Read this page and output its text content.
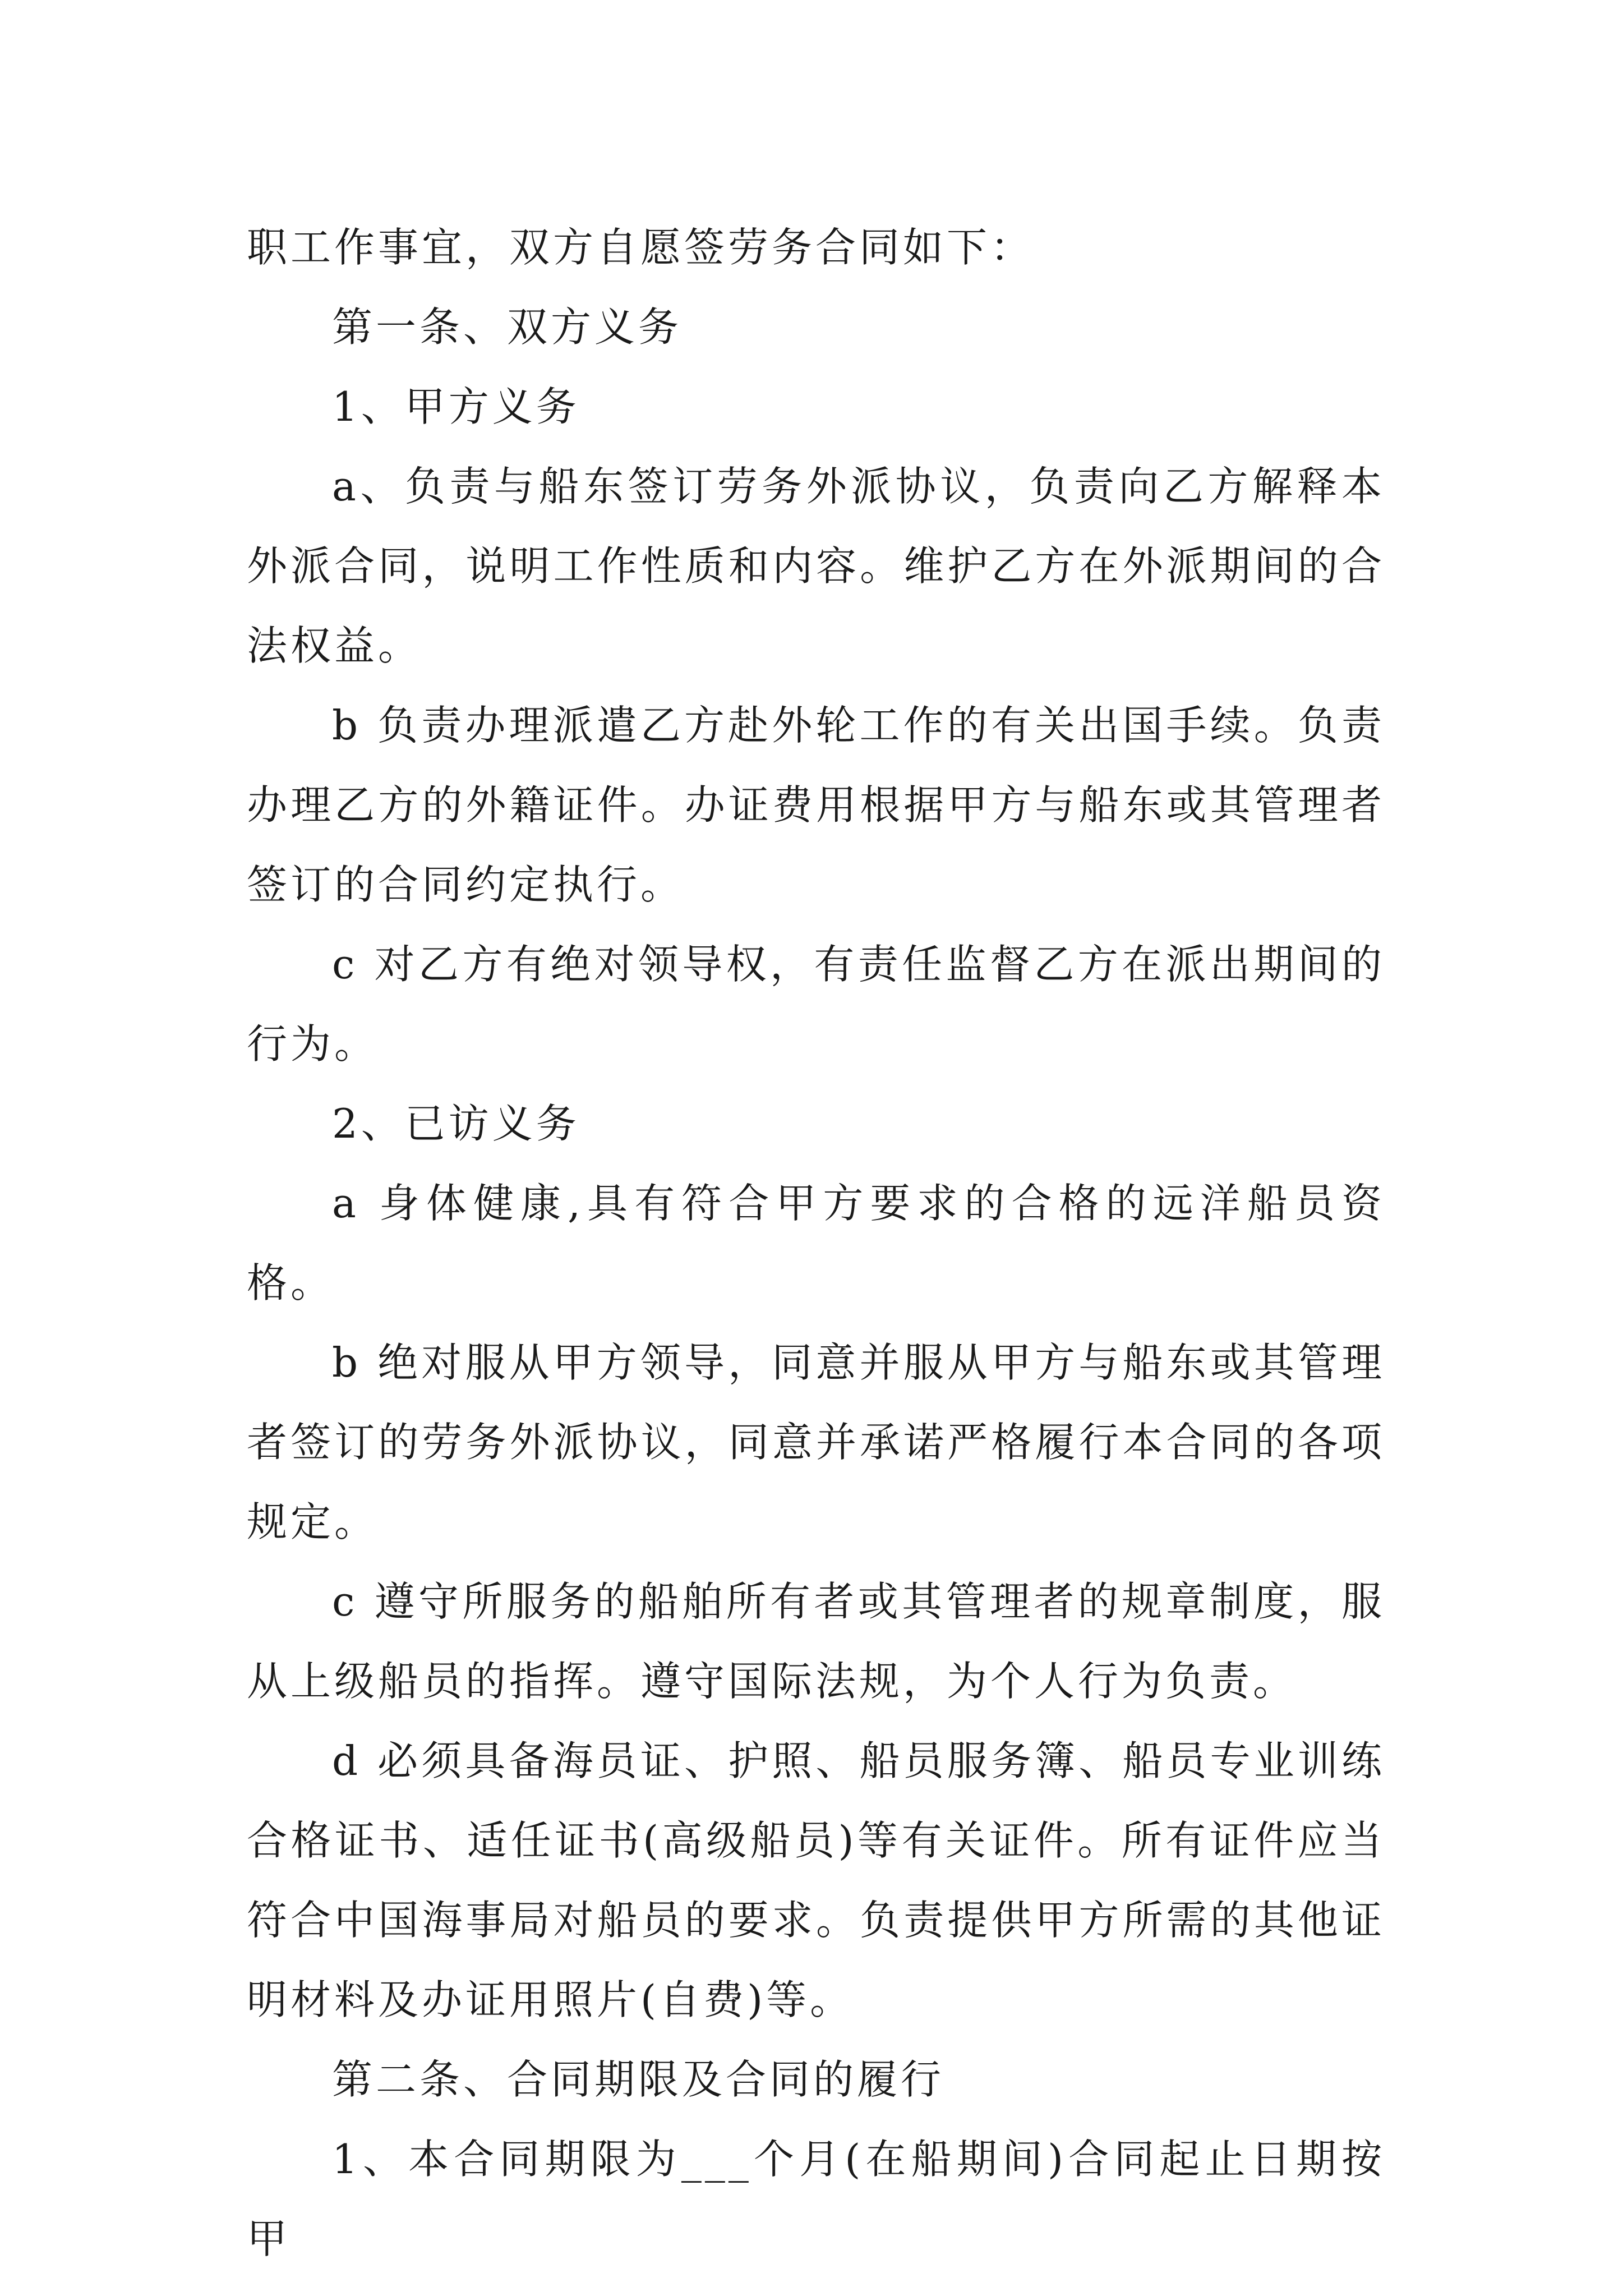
职工作事宜，双方自愿签劳务合同如下：

第一条、双方义务

1、甲方义务

a、负责与船东签订劳务外派协议，负责向乙方解释本外派合同，说明工作性质和内容。维护乙方在外派期间的合法权益。

b 负责办理派遣乙方赴外轮工作的有关出国手续。负责办理乙方的外籍证件。办证费用根据甲方与船东或其管理者签订的合同约定执行。

c 对乙方有绝对领导权，有责任监督乙方在派出期间的行为。

2、已访义务

a 身体健康,具有符合甲方要求的合格的远洋船员资格。

b 绝对服从甲方领导，同意并服从甲方与船东或其管理者签订的劳务外派协议，同意并承诺严格履行本合同的各项规定。

c 遵守所服务的船舶所有者或其管理者的规章制度，服从上级船员的指挥。遵守国际法规，为个人行为负责。

d 必须具备海员证、护照、船员服务簿、船员专业训练合格证书、适任证书(高级船员)等有关证件。所有证件应当符合中国海事局对船员的要求。负责提供甲方所需的其他证明材料及办证用照片(自费)等。

第二条、合同期限及合同的履行

1、本合同期限为___个月(在船期间)合同起止日期按甲
